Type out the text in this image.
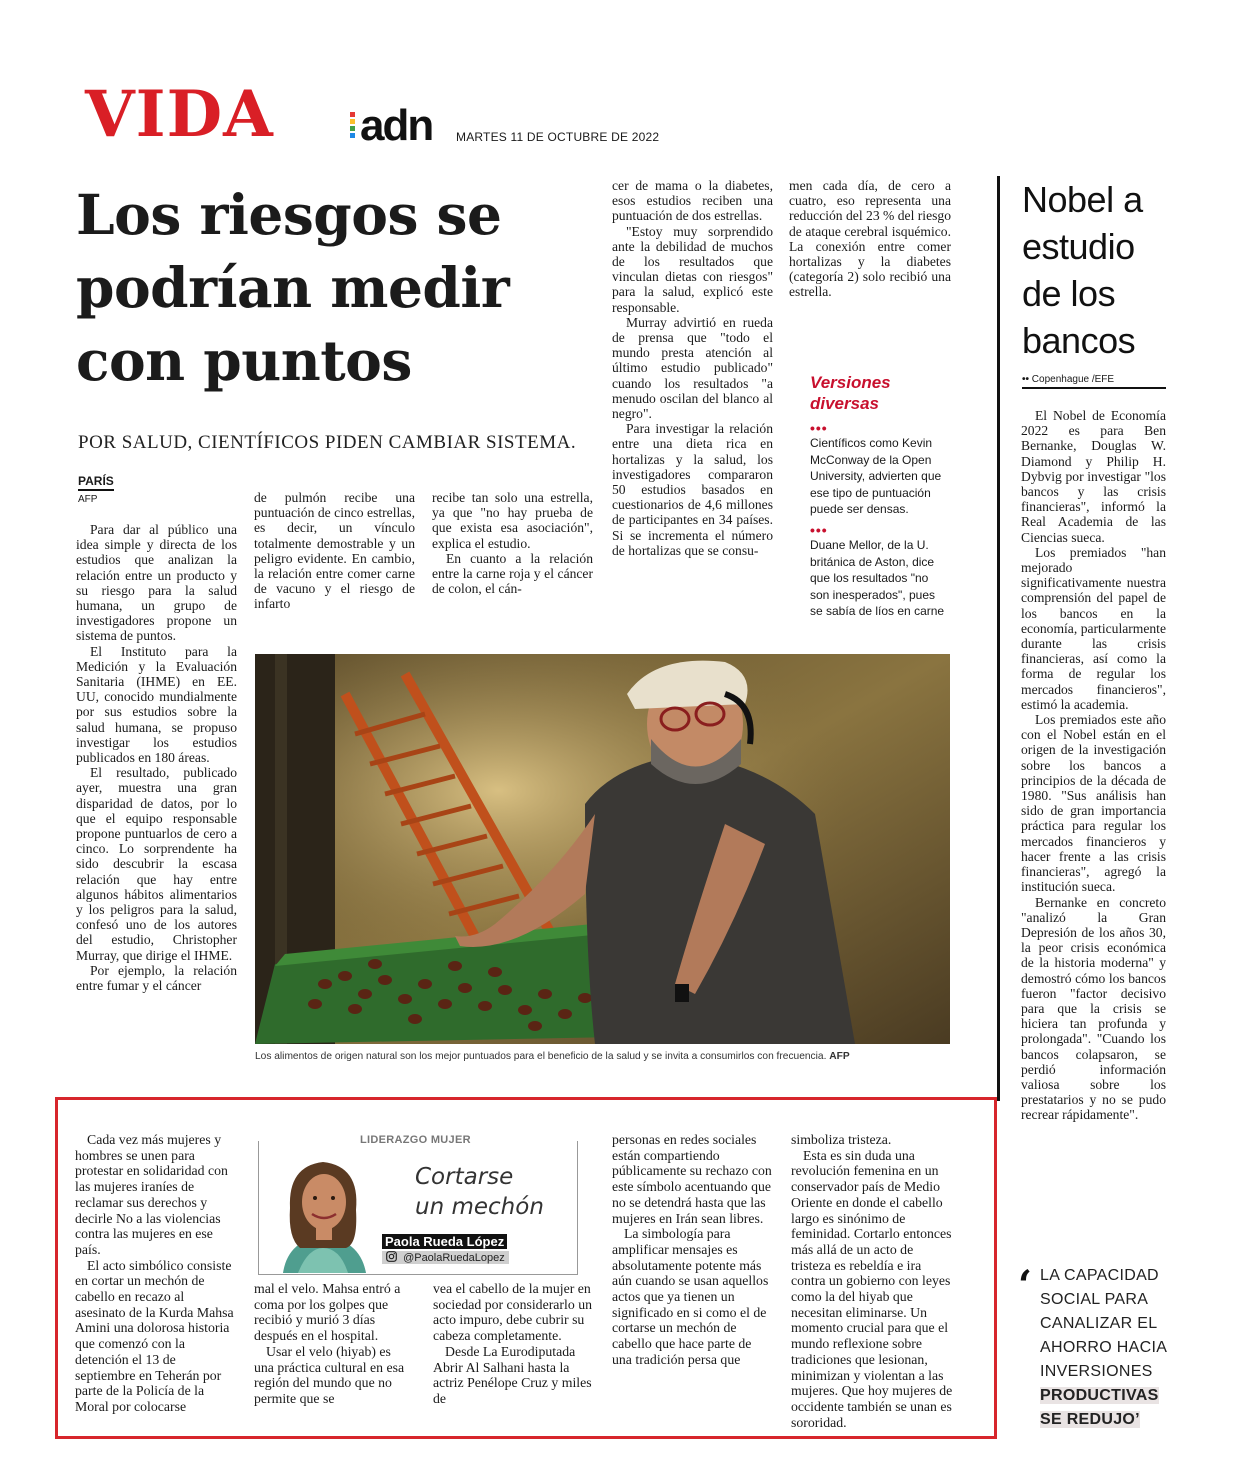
VIDA adn MARTES 11 DE OCTUBRE DE 2022
Los riesgos se
podrían medir
con puntos
POR SALUD, CIENTÍFICOS PIDEN CAMBIAR SISTEMA.
PARÍS
AFP

Para dar al público una idea simple y directa de los estudios que analizan la relación entre un producto y su riesgo para la salud humana, un grupo de investigadores propone un sistema de puntos.

El Instituto para la Medición y la Evaluación Sanitaria (IHME) en EE. UU, conocido mundialmente por sus estudios sobre la salud humana, se propuso investigar los estudios publicados en 180 áreas.

El resultado, publicado ayer, muestra una gran disparidad de datos, por lo que el equipo responsable propone puntuarlos de cero a cinco. Lo sorprendente ha sido descubrir la escasa relación que hay entre algunos hábitos alimentarios y los peligros para la salud, confesó uno de los autores del estudio, Christopher Murray, que dirige el IHME.

Por ejemplo, la relación entre fumar y el cáncer

de pulmón recibe una puntuación de cinco estrellas, es decir, un vínculo totalmente demostrable y un peligro evidente. En cambio, la relación entre comer carne de vacuno y el riesgo de infarto

recibe tan solo una estrella, ya que "no hay prueba de que exista esa asociación", explica el estudio.

En cuanto a la relación entre la carne roja y el cáncer de colon, el cán-

cer de mama o la diabetes, esos estudios reciben una puntuación de dos estrellas.

"Estoy muy sorprendido ante la debilidad de muchos de los resultados que vinculan dietas con riesgos" para la salud, explicó este responsable.

Murray advirtió en rueda de prensa que "todo el mundo presta atención al último estudio publicado" cuando los resultados "a menudo oscilan del blanco al negro".

Para investigar la relación entre una dieta rica en hortalizas y la salud, los investigadores compararon 50 estudios basados en cuestionarios de 4,6 millones de participantes en 34 países. Si se incrementa el número de hortalizas que se consu-

men cada día, de cero a cuatro, eso representa una reducción del 23 % del riesgo de ataque cerebral isquémico. La conexión entre comer hortalizas y la diabetes (categoría 2) solo recibió una estrella.

Versiones
diversas
•••
Científicos como Kevin McConway de la Open University, advierten que ese tipo de puntuación puede ser densas.
•••
Duane Mellor, de la U. británica de Aston, dice que los resultados "no son inesperados", pues se sabía de líos en carne
Los alimentos de origen natural son los mejor puntuados para el beneficio de la salud y se invita a consumirlos con frecuencia. AFP
Nobel a
estudio
de los
bancos
•• Copenhague /EFE

El Nobel de Economía 2022 es para Ben Bernanke, Douglas W. Diamond y Philip H. Dybvig por investigar "los bancos y las crisis financieras", informó la Real Academia de las Ciencias sueca.

Los premiados "han mejorado significativamente nuestra comprensión del papel de los bancos en la economía, particularmente durante las crisis financieras, así como la forma de regular los mercados financieros", estimó la academia.

Los premiados este año con el Nobel están en el origen de la investigación sobre los bancos a principios de la década de 1980. "Sus análisis han sido de gran importancia práctica para regular los mercados financieros y hacer frente a las crisis financieras", agregó la institución sueca.

Bernanke en concreto "analizó la Gran Depresión de los años 30, la peor crisis económica de la historia moderna" y demostró cómo los bancos fueron "factor decisivo para que la crisis se hiciera tan profunda y prolongada". "Cuando los bancos colapsaron, se perdió información valiosa sobre los prestatarios y no se pudo recrear rápidamente".

‘ LA CAPACIDAD SOCIAL PARA CANALIZAR EL AHORRO HACIA INVERSIONES PRODUCTIVAS SE REDUJO’
LIDERAZGO MUJER
Cortarse
un mechón
Paola Rueda López
@PaolaRuedaLopez

Cada vez más mujeres y hombres se unen para protestar en solidaridad con las mujeres iraníes de reclamar sus derechos y decirle No a las violencias contra las mujeres en ese país.

El acto simbólico consiste en cortar un mechón de cabello en recazo al asesinato de la Kurda Mahsa Amini una dolorosa historia que comenzó con la detención el 13 de septiembre en Teherán por parte de la Policía de la Moral por colocarse

mal el velo. Mahsa entró a coma por los golpes que recibió y murió 3 días después en el hospital.

Usar el velo (hiyab) es una práctica cultural en esa región del mundo que no permite que se

vea el cabello de la mujer en sociedad por considerarlo un acto impuro, debe cubrir su cabeza completamente.

Desde La Eurodiputada Abrir Al Salhani hasta la actriz Penélope Cruz y miles de

personas en redes sociales están compartiendo públicamente su rechazo con este símbolo acentuando que no se detendrá hasta que las mujeres en Irán sean libres.

La simbología para amplificar mensajes es absolutamente potente más aún cuando se usan aquellos actos que ya tienen un significado en si como el de cortarse un mechón de cabello que hace parte de una tradición persa que

simboliza tristeza.

Esta es sin duda una revolución femenina en un conservador país de Medio Oriente en donde el cabello largo es sinónimo de feminidad. Cortarlo entonces más allá de un acto de tristeza es rebeldía e ira contra un gobierno con leyes como la del hiyab que necesitan eliminarse. Un momento crucial para que el mundo reflexione sobre tradiciones que lesionan, minimizan y violentan a las mujeres. Que hoy mujeres de occidente también se unan es sororidad.
